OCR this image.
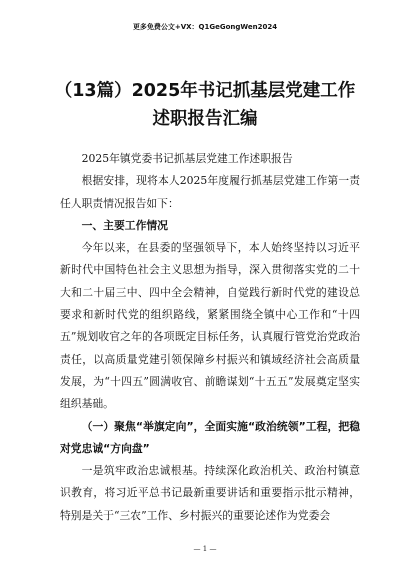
更多免费公文+VX：Q1GeGongWen2024
（13篇）2025年书记抓基层党建工作述职报告汇编

2025年镇党委书记抓基层党建工作述职报告

根据安排，现将本人2025年度履行抓基层党建工作第一责任人职责情况报告如下：

一、主要工作情况

今年以来，在县委的坚强领导下，本人始终坚持以习近平新时代中国特色社会主义思想为指导，深入贯彻落实党的二十大和二十届三中、四中全会精神，自觉践行新时代党的建设总要求和新时代党的组织路线，紧紧围绕全镇中心工作和“十四五”规划收官之年的各项既定目标任务，认真履行管党治党政治责任，以高质量党建引领保障乡村振兴和镇域经济社会高质量发展，为“十四五”圆满收官、前瞻谋划“十五五”发展奠定坚实组织基础。

（一）聚焦“举旗定向”，全面实施“政治统领”工程，把稳对党忠诚“方向盘”

一是筑牢政治忠诚根基。持续深化政治机关、政治村镇意识教育，将习近平总书记最新重要讲话和重要指示批示精神，特别是关于“三农”工作、乡村振兴的重要论述作为党委会

— 1 —
